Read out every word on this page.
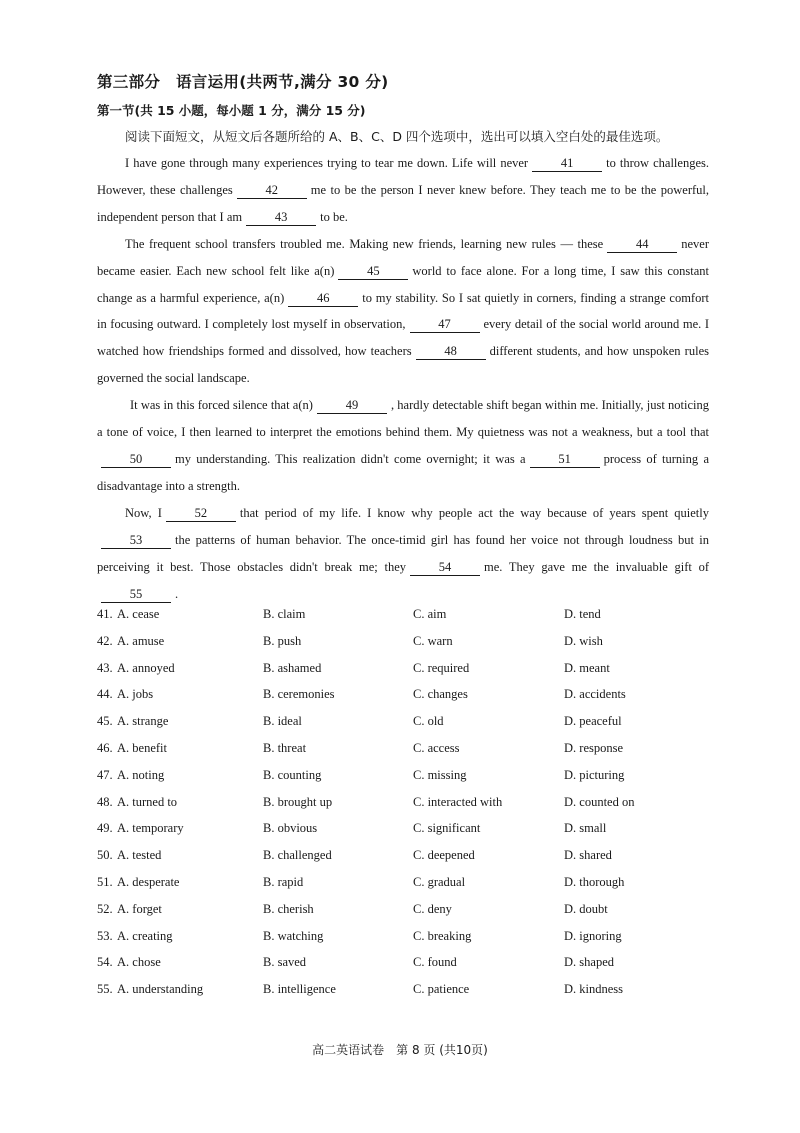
第三部分　语言运用(共两节,满分 30 分)
第一节(共 15 小题，每小题 1 分，满分 15 分)
阅读下面短文，从短文后各题所给的 A、B、C、D 四个选项中，选出可以填入空白处的最佳选项。

I have gone through many experiences trying to tear me down. Life will never	41	to throw challenges. However, these challenges	42	me to be the person I never knew before. They teach me to be the powerful, independent person that I am	43	to be.

The frequent school transfers troubled me. Making new friends, learning new rules — these	44	never became easier. Each new school felt like a(n)	45	world to face alone. For a long time, I saw this constant change as a harmful experience, a(n)	46	to my stability. So I sat quietly in corners, finding a strange comfort in focusing outward. I completely lost myself in observation,	47	every detail of the social world around me. I watched how friendships formed and dissolved, how teachers	48	different students, and how unspoken rules governed the social landscape.

It was in this forced silence that a(n)	49	, hardly detectable shift began within me. Initially, just noticing a tone of voice, I then learned to interpret the emotions behind them. My quietness was not a weakness, but a tool that50	my understanding. This realization didn't come overnight; it was a	51	process of turning a disadvantage into a strength.

Now, I	52	that period of my life. I know why people act the way because of years spent quietly53	the patterns of human behavior. The once-timid girl has found her voice not through loudness but in perceiving it best. Those obstacles didn't break me; they	54	me. They gave me the invaluable gift of55	.

41. A. cease	B. claim	C. aim	D. tend
42. A. amuse	B. push	C. warn	D. wish
43. A. annoyed	B. ashamed	C. required	D. meant
44. A. jobs	B. ceremonies	C. changes	D. accidents
45. A. strange	B. ideal	C. old	D. peaceful
46. A. benefit	B. threat	C. access	D. response
47. A. noting	B. counting	C. missing	D. picturing
48. A. turned to	B. brought up	C. interacted with	D. counted on
49. A. temporary	B. obvious	C. significant	D. small
50. A. tested	B. challenged	C. deepened	D. shared
51. A. desperate	B. rapid	C. gradual	D. thorough
52. A. forget	B. cherish	C. deny	D. doubt
53. A. creating	B. watching	C. breaking	D. ignoring
54. A. chose	B. saved	C. found	D. shaped
55. A. understanding	B. intelligence	C. patience	D. kindness
高二英语试卷　第 8 页 (共10页)
